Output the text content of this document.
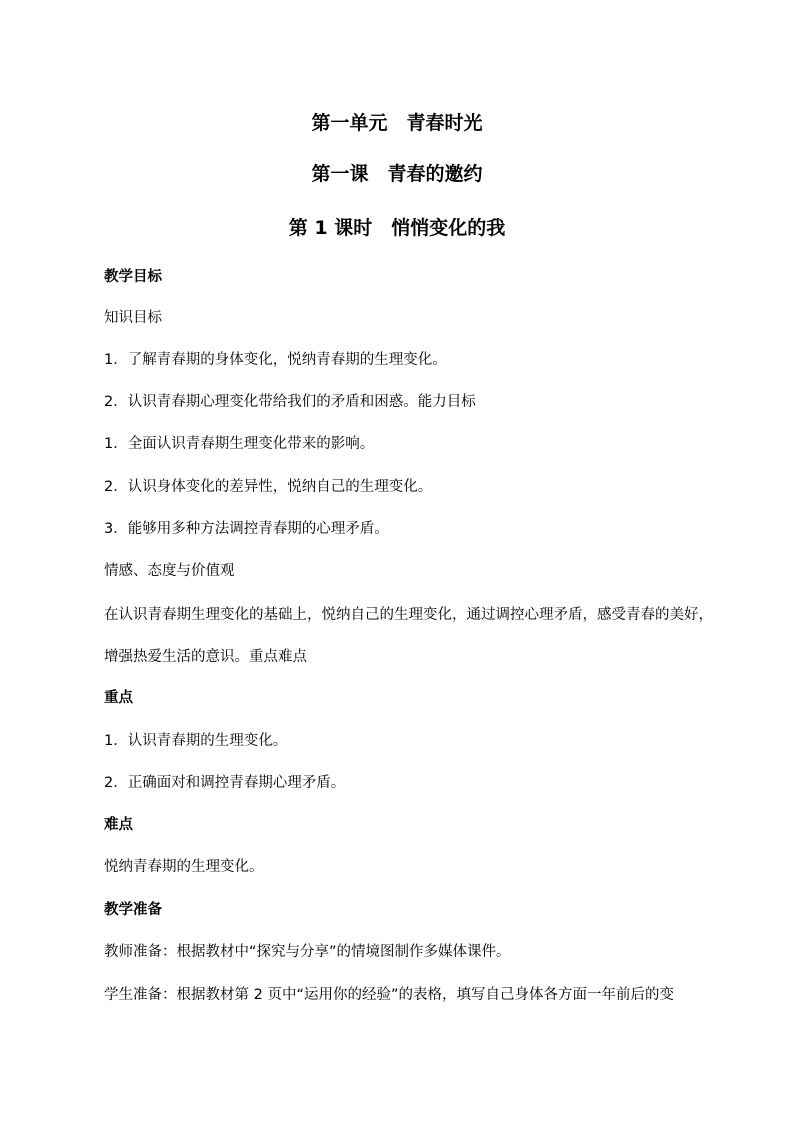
第一单元　青春时光
第一课　青春的邀约
第 1 课时　悄悄变化的我
教学目标
知识目标
1．了解青春期的身体变化，悦纳青春期的生理变化。
2．认识青春期心理变化带给我们的矛盾和困惑。能力目标
1．全面认识青春期生理变化带来的影响。
2．认识身体变化的差异性，悦纳自己的生理变化。
3．能够用多种方法调控青春期的心理矛盾。
情感、态度与价值观
在认识青春期生理变化的基础上，悦纳自己的生理变化，通过调控心理矛盾，感受青春的美好，增强热爱生活的意识。重点难点
重点
1．认识青春期的生理变化。
2．正确面对和调控青春期心理矛盾。
难点
悦纳青春期的生理变化。
教学准备
教师准备：根据教材中“探究与分享”的情境图制作多媒体课件。
学生准备：根据教材第 2 页中“运用你的经验”的表格，填写自己身体各方面一年前后的变
